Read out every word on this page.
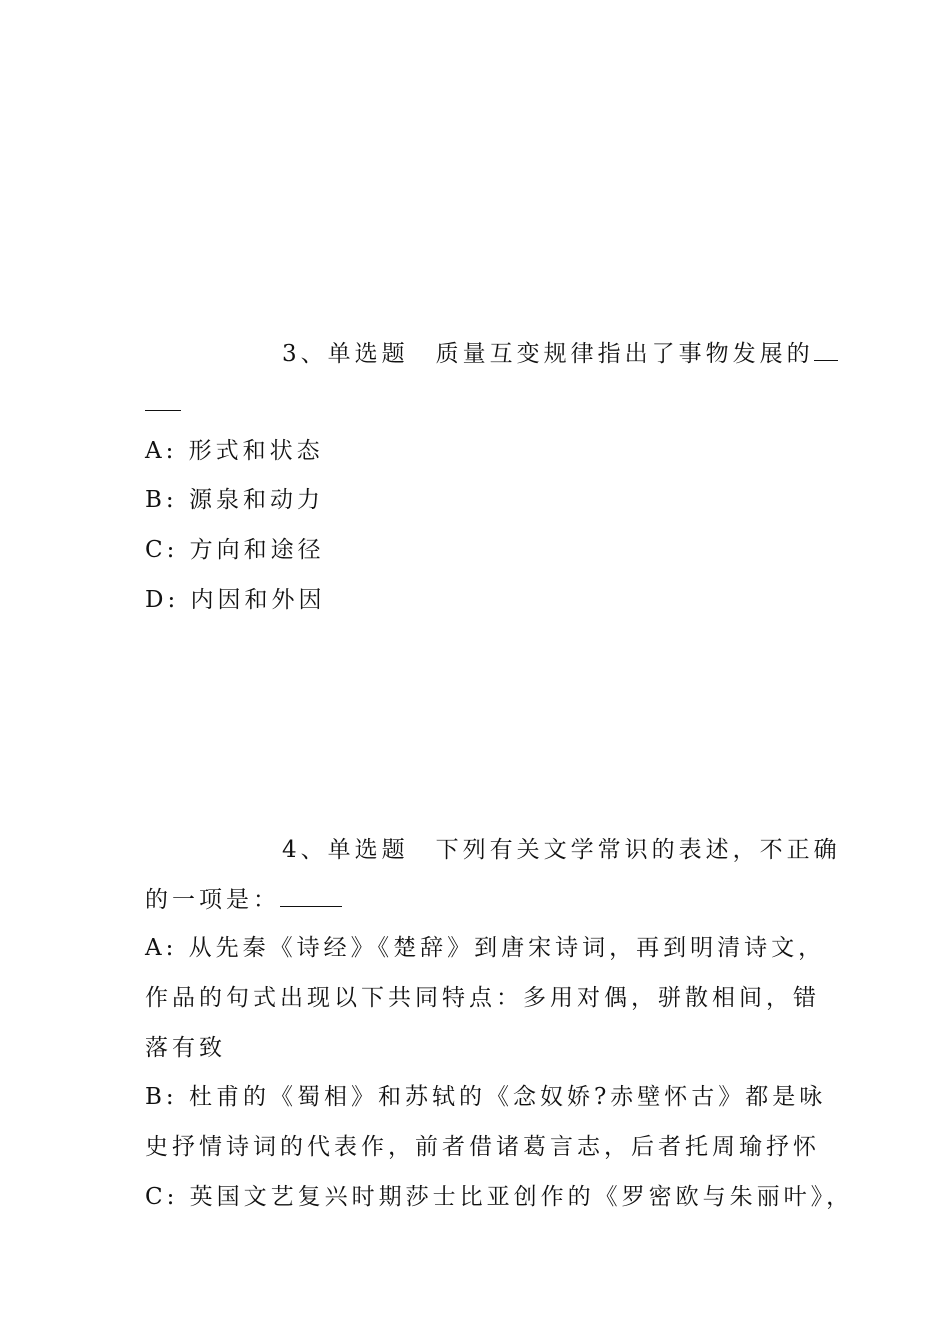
3、单选题　质量互变规律指出了事物发展的
A: 形式和状态
B: 源泉和动力
C: 方向和途径
D: 内因和外因
4、单选题　下列有关文学常识的表述，不正确
的一项是：
A: 从先秦《诗经》《楚辞》到唐宋诗词，再到明清诗文，
作品的句式出现以下共同特点：多用对偶，骈散相间，错
落有致
B: 杜甫的《蜀相》和苏轼的《念奴娇?赤壁怀古》都是咏
史抒情诗词的代表作，前者借诸葛言志，后者托周瑜抒怀
C: 英国文艺复兴时期莎士比亚创作的《罗密欧与朱丽叶》，
